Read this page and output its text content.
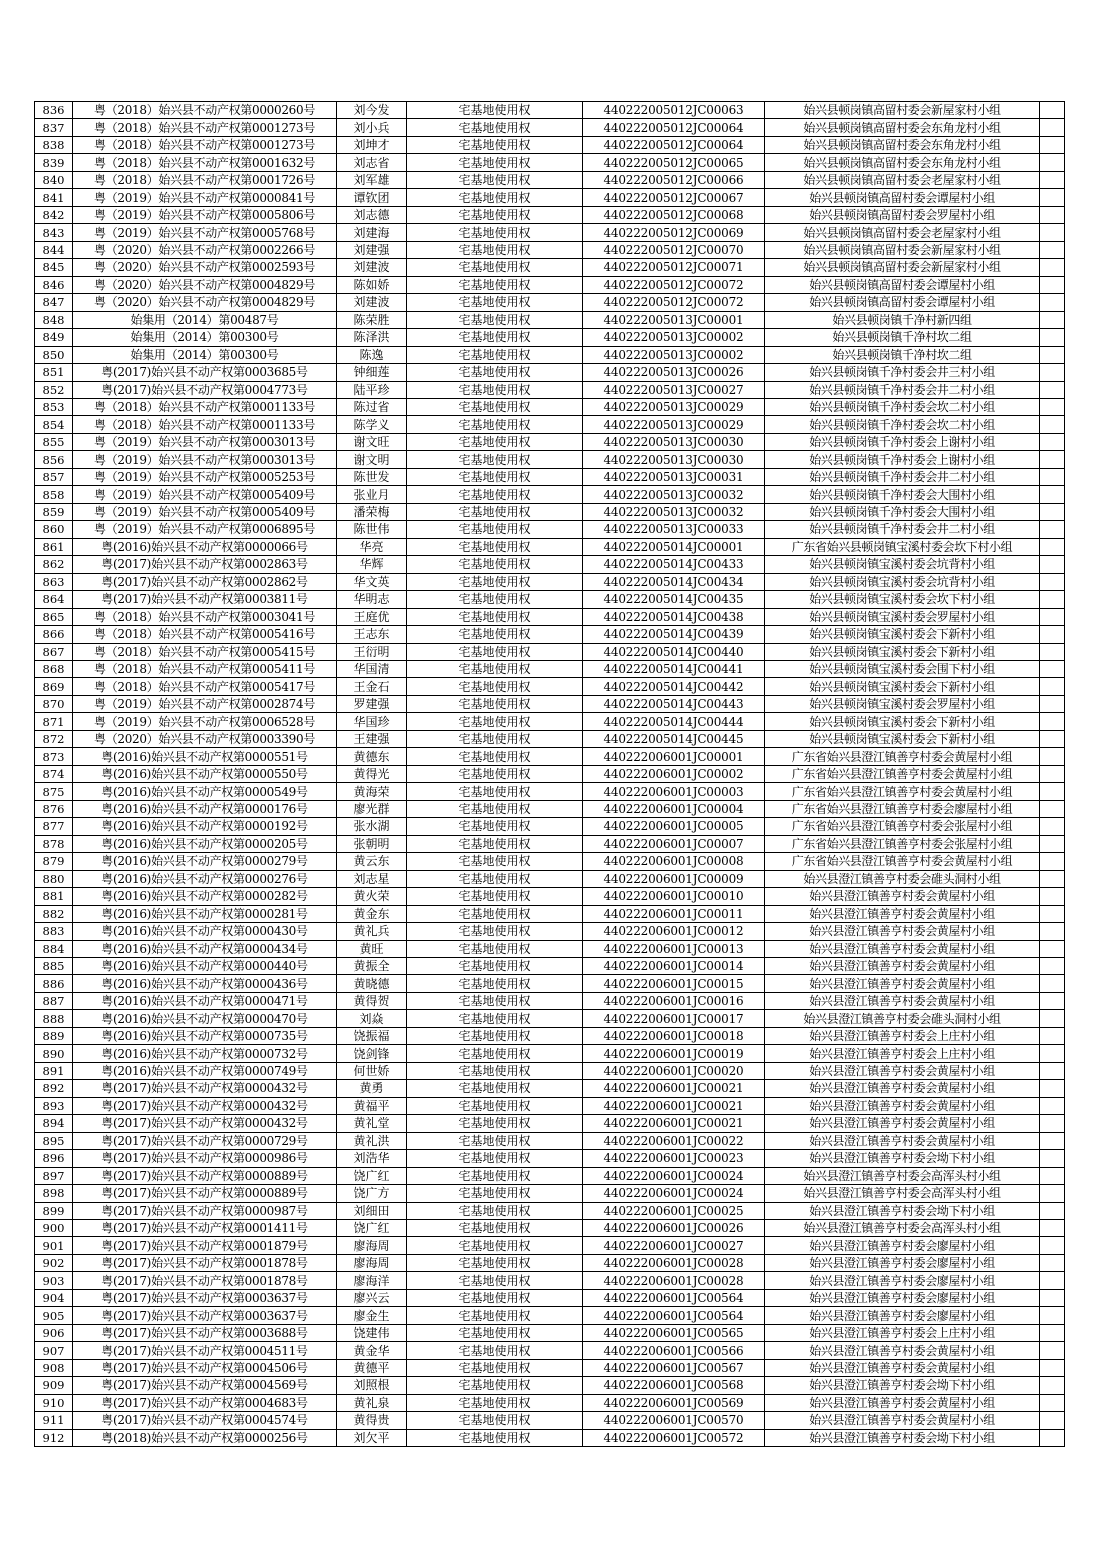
836	粤（2018）始兴县不动产权第0000260号	刘今发	宅基地使用权	440222005012JC00063	始兴县顿岗镇高留村委会新屋家村小组	
837	粤（2018）始兴县不动产权第0001273号	刘小兵	宅基地使用权	440222005012JC00064	始兴县顿岗镇高留村委会东角龙村小组	
838	粤（2018）始兴县不动产权第0001273号	刘坤才	宅基地使用权	440222005012JC00064	始兴县顿岗镇高留村委会东角龙村小组	
839	粤（2018）始兴县不动产权第0001632号	刘志省	宅基地使用权	440222005012JC00065	始兴县顿岗镇高留村委会东角龙村小组	
840	粤（2018）始兴县不动产权第0001726号	刘军雄	宅基地使用权	440222005012JC00066	始兴县顿岗镇高留村委会老屋家村小组	
841	粤（2019）始兴县不动产权第0000841号	谭钦团	宅基地使用权	440222005012JC00067	始兴县顿岗镇高留村委会谭屋村小组	
842	粤（2019）始兴县不动产权第0005806号	刘志德	宅基地使用权	440222005012JC00068	始兴县顿岗镇高留村委会罗屋村小组	
843	粤（2019）始兴县不动产权第0005768号	刘建海	宅基地使用权	440222005012JC00069	始兴县顿岗镇高留村委会老屋家村小组	
844	粤（2020）始兴县不动产权第0002266号	刘建强	宅基地使用权	440222005012JC00070	始兴县顿岗镇高留村委会新屋家村小组	
845	粤（2020）始兴县不动产权第0002593号	刘建波	宅基地使用权	440222005012JC00071	始兴县顿岗镇高留村委会新屋家村小组	
846	粤（2020）始兴县不动产权第0004829号	陈如娇	宅基地使用权	440222005012JC00072	始兴县顿岗镇高留村委会谭屋村小组	
847	粤（2020）始兴县不动产权第0004829号	刘建波	宅基地使用权	440222005012JC00072	始兴县顿岗镇高留村委会谭屋村小组	
848	始集用（2014）第00487号	陈荣胜	宅基地使用权	440222005013JC00001	始兴县顿岗镇千净村新四组	
849	始集用（2014）第00300号	陈泽洪	宅基地使用权	440222005013JC00002	始兴县顿岗镇千净村坎二组	
850	始集用（2014）第00300号	陈逸	宅基地使用权	440222005013JC00002	始兴县顿岗镇千净村坎二组	
851	粤(2017)始兴县不动产权第0003685号	钟细莲	宅基地使用权	440222005013JC00026	始兴县顿岗镇千净村委会井三村小组	
852	粤(2017)始兴县不动产权第0004773号	陆平珍	宅基地使用权	440222005013JC00027	始兴县顿岗镇千净村委会井二村小组	
853	粤（2018）始兴县不动产权第0001133号	陈过省	宅基地使用权	440222005013JC00029	始兴县顿岗镇千净村委会坎二村小组	
854	粤（2018）始兴县不动产权第0001133号	陈学义	宅基地使用权	440222005013JC00029	始兴县顿岗镇千净村委会坎二村小组	
855	粤（2019）始兴县不动产权第0003013号	谢文旺	宅基地使用权	440222005013JC00030	始兴县顿岗镇千净村委会上谢村小组	
856	粤（2019）始兴县不动产权第0003013号	谢文明	宅基地使用权	440222005013JC00030	始兴县顿岗镇千净村委会上谢村小组	
857	粤（2019）始兴县不动产权第0005253号	陈世发	宅基地使用权	440222005013JC00031	始兴县顿岗镇千净村委会井二村小组	
858	粤（2019）始兴县不动产权第0005409号	张业月	宅基地使用权	440222005013JC00032	始兴县顿岗镇千净村委会大围村小组	
859	粤（2019）始兴县不动产权第0005409号	潘荣梅	宅基地使用权	440222005013JC00032	始兴县顿岗镇千净村委会大围村小组	
860	粤（2019）始兴县不动产权第0006895号	陈世伟	宅基地使用权	440222005013JC00033	始兴县顿岗镇千净村委会井二村小组	
861	粤(2016)始兴县不动产权第0000066号	华亮	宅基地使用权	440222005014JC00001	广东省始兴县顿岗镇宝溪村委会坎下村小组	
862	粤(2017)始兴县不动产权第0002863号	华辉	宅基地使用权	440222005014JC00433	始兴县顿岗镇宝溪村委会坑背村小组	
863	粤(2017)始兴县不动产权第0002862号	华文英	宅基地使用权	440222005014JC00434	始兴县顿岗镇宝溪村委会坑背村小组	
864	粤(2017)始兴县不动产权第0003811号	华明志	宅基地使用权	440222005014JC00435	始兴县顿岗镇宝溪村委会坎下村小组	
865	粤（2018）始兴县不动产权第0003041号	王庭优	宅基地使用权	440222005014JC00438	始兴县顿岗镇宝溪村委会罗屋村小组	
866	粤（2018）始兴县不动产权第0005416号	王志东	宅基地使用权	440222005014JC00439	始兴县顿岗镇宝溪村委会下新村小组	
867	粤（2018）始兴县不动产权第0005415号	王衍明	宅基地使用权	440222005014JC00440	始兴县顿岗镇宝溪村委会下新村小组	
868	粤（2018）始兴县不动产权第0005411号	华国清	宅基地使用权	440222005014JC00441	始兴县顿岗镇宝溪村委会围下村小组	
869	粤（2018）始兴县不动产权第0005417号	王金石	宅基地使用权	440222005014JC00442	始兴县顿岗镇宝溪村委会下新村小组	
870	粤（2019）始兴县不动产权第0002874号	罗建强	宅基地使用权	440222005014JC00443	始兴县顿岗镇宝溪村委会罗屋村小组	
871	粤（2019）始兴县不动产权第0006528号	华国珍	宅基地使用权	440222005014JC00444	始兴县顿岗镇宝溪村委会下新村小组	
872	粤（2020）始兴县不动产权第0003390号	王建强	宅基地使用权	440222005014JC00445	始兴县顿岗镇宝溪村委会下新村小组	
873	粤(2016)始兴县不动产权第0000551号	黄德东	宅基地使用权	440222006001JC00001	广东省始兴县澄江镇善亨村委会黄屋村小组	
874	粤(2016)始兴县不动产权第0000550号	黄得光	宅基地使用权	440222006001JC00002	广东省始兴县澄江镇善亨村委会黄屋村小组	
875	粤(2016)始兴县不动产权第0000549号	黄海荣	宅基地使用权	440222006001JC00003	广东省始兴县澄江镇善亨村委会黄屋村小组	
876	粤(2016)始兴县不动产权第0000176号	廖光群	宅基地使用权	440222006001JC00004	广东省始兴县澄江镇善亨村委会廖屋村小组	
877	粤(2016)始兴县不动产权第0000192号	张水湖	宅基地使用权	440222006001JC00005	广东省始兴县澄江镇善亨村委会张屋村小组	
878	粤(2016)始兴县不动产权第0000205号	张朝明	宅基地使用权	440222006001JC00007	广东省始兴县澄江镇善亨村委会张屋村小组	
879	粤(2016)始兴县不动产权第0000279号	黄云东	宅基地使用权	440222006001JC00008	广东省始兴县澄江镇善亨村委会黄屋村小组	
880	粤(2016)始兴县不动产权第0000276号	刘志星	宅基地使用权	440222006001JC00009	始兴县澄江镇善亨村委会碓头洞村小组	
881	粤(2016)始兴县不动产权第0000282号	黄火荣	宅基地使用权	440222006001JC00010	始兴县澄江镇善亨村委会黄屋村小组	
882	粤(2016)始兴县不动产权第0000281号	黄金东	宅基地使用权	440222006001JC00011	始兴县澄江镇善亨村委会黄屋村小组	
883	粤(2016)始兴县不动产权第0000430号	黄礼兵	宅基地使用权	440222006001JC00012	始兴县澄江镇善亨村委会黄屋村小组	
884	粤(2016)始兴县不动产权第0000434号	黄旺	宅基地使用权	440222006001JC00013	始兴县澄江镇善亨村委会黄屋村小组	
885	粤(2016)始兴县不动产权第0000440号	黄振全	宅基地使用权	440222006001JC00014	始兴县澄江镇善亨村委会黄屋村小组	
886	粤(2016)始兴县不动产权第0000436号	黄晓德	宅基地使用权	440222006001JC00015	始兴县澄江镇善亨村委会黄屋村小组	
887	粤(2016)始兴县不动产权第0000471号	黄得贺	宅基地使用权	440222006001JC00016	始兴县澄江镇善亨村委会黄屋村小组	
888	粤(2016)始兴县不动产权第0000470号	刘焱	宅基地使用权	440222006001JC00017	始兴县澄江镇善亨村委会碓头洞村小组	
889	粤(2016)始兴县不动产权第0000735号	饶振福	宅基地使用权	440222006001JC00018	始兴县澄江镇善亨村委会上庄村小组	
890	粤(2016)始兴县不动产权第0000732号	饶剑锋	宅基地使用权	440222006001JC00019	始兴县澄江镇善亨村委会上庄村小组	
891	粤(2016)始兴县不动产权第0000749号	何世娇	宅基地使用权	440222006001JC00020	始兴县澄江镇善亨村委会黄屋村小组	
892	粤(2017)始兴县不动产权第0000432号	黄勇	宅基地使用权	440222006001JC00021	始兴县澄江镇善亨村委会黄屋村小组	
893	粤(2017)始兴县不动产权第0000432号	黄福平	宅基地使用权	440222006001JC00021	始兴县澄江镇善亨村委会黄屋村小组	
894	粤(2017)始兴县不动产权第0000432号	黄礼堂	宅基地使用权	440222006001JC00021	始兴县澄江镇善亨村委会黄屋村小组	
895	粤(2017)始兴县不动产权第0000729号	黄礼洪	宅基地使用权	440222006001JC00022	始兴县澄江镇善亨村委会黄屋村小组	
896	粤(2017)始兴县不动产权第0000986号	刘浩华	宅基地使用权	440222006001JC00023	始兴县澄江镇善亨村委会坳下村小组	
897	粤(2017)始兴县不动产权第0000889号	饶广红	宅基地使用权	440222006001JC00024	始兴县澄江镇善亨村委会高浑头村小组	
898	粤(2017)始兴县不动产权第0000889号	饶广方	宅基地使用权	440222006001JC00024	始兴县澄江镇善亨村委会高浑头村小组	
899	粤(2017)始兴县不动产权第0000987号	刘细田	宅基地使用权	440222006001JC00025	始兴县澄江镇善亨村委会坳下村小组	
900	粤(2017)始兴县不动产权第0001411号	饶广红	宅基地使用权	440222006001JC00026	始兴县澄江镇善亨村委会高浑头村小组	
901	粤(2017)始兴县不动产权第0001879号	廖海周	宅基地使用权	440222006001JC00027	始兴县澄江镇善亨村委会廖屋村小组	
902	粤(2017)始兴县不动产权第0001878号	廖海周	宅基地使用权	440222006001JC00028	始兴县澄江镇善亨村委会廖屋村小组	
903	粤(2017)始兴县不动产权第0001878号	廖海洋	宅基地使用权	440222006001JC00028	始兴县澄江镇善亨村委会廖屋村小组	
904	粤(2017)始兴县不动产权第0003637号	廖兴云	宅基地使用权	440222006001JC00564	始兴县澄江镇善亨村委会廖屋村小组	
905	粤(2017)始兴县不动产权第0003637号	廖金生	宅基地使用权	440222006001JC00564	始兴县澄江镇善亨村委会廖屋村小组	
906	粤(2017)始兴县不动产权第0003688号	饶建伟	宅基地使用权	440222006001JC00565	始兴县澄江镇善亨村委会上庄村小组	
907	粤(2017)始兴县不动产权第0004511号	黄金华	宅基地使用权	440222006001JC00566	始兴县澄江镇善亨村委会黄屋村小组	
908	粤(2017)始兴县不动产权第0004506号	黄德平	宅基地使用权	440222006001JC00567	始兴县澄江镇善亨村委会黄屋村小组	
909	粤(2017)始兴县不动产权第0004569号	刘照根	宅基地使用权	440222006001JC00568	始兴县澄江镇善亨村委会坳下村小组	
910	粤(2017)始兴县不动产权第0004683号	黄礼泉	宅基地使用权	440222006001JC00569	始兴县澄江镇善亨村委会黄屋村小组	
911	粤(2017)始兴县不动产权第0004574号	黄得贵	宅基地使用权	440222006001JC00570	始兴县澄江镇善亨村委会黄屋村小组	
912	粤(2018)始兴县不动产权第0000256号	刘欠平	宅基地使用权	440222006001JC00572	始兴县澄江镇善亨村委会坳下村小组	
